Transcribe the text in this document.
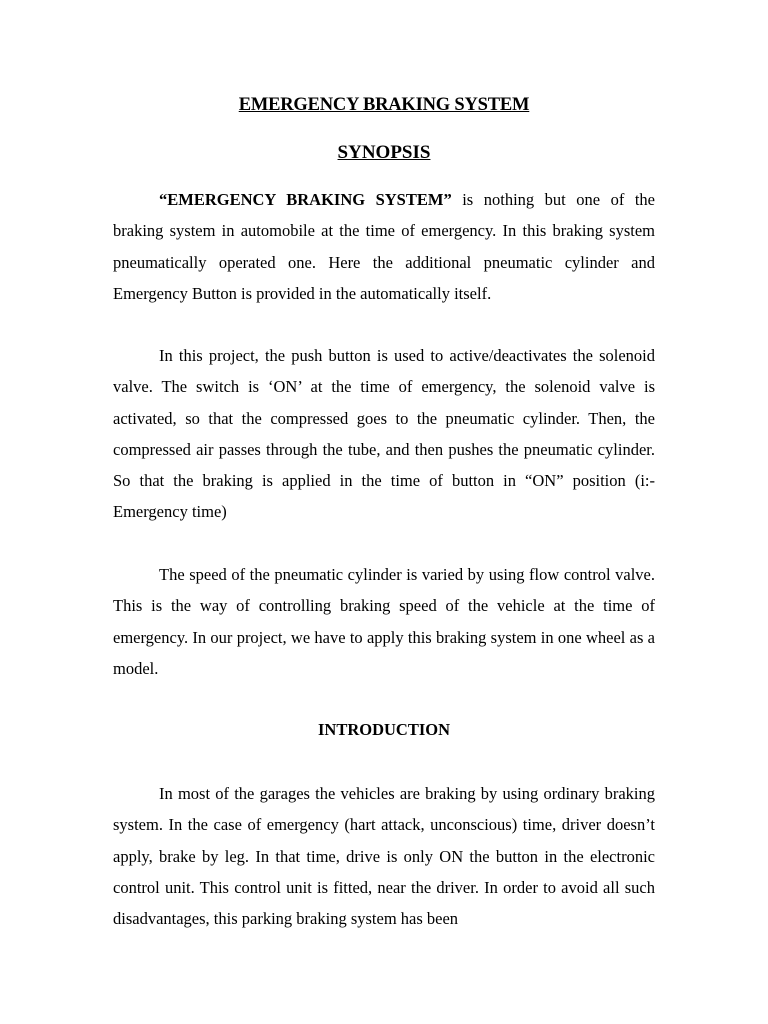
EMERGENCY BRAKING SYSTEM
SYNOPSIS

“EMERGENCY BRAKING SYSTEM” is nothing but one of the braking system in automobile at the time of emergency. In this braking system pneumatically operated one. Here the additional pneumatic cylinder and Emergency Button is provided in the automatically itself.

In this project, the push button is used to active/deactivates the solenoid valve. The switch is ‘ON’ at the time of emergency, the solenoid valve is activated, so that the compressed goes to the pneumatic cylinder. Then, the compressed air passes through the tube, and then pushes the pneumatic cylinder. So that the braking is applied in the time of button in “ON” position (i:- Emergency time)

The speed of the pneumatic cylinder is varied by using flow control valve. This is the way of controlling braking speed of the vehicle at the time of emergency. In our project, we have to apply this braking system in one wheel as a model.

INTRODUCTION

In most of the garages the vehicles are braking by using ordinary braking system. In the case of emergency (hart attack, unconscious) time, driver doesn’t apply, brake by leg. In that time, drive is only ON the button in the electronic control unit. This control unit is fitted, near the driver. In order to avoid all such disadvantages, this parking braking system has been
